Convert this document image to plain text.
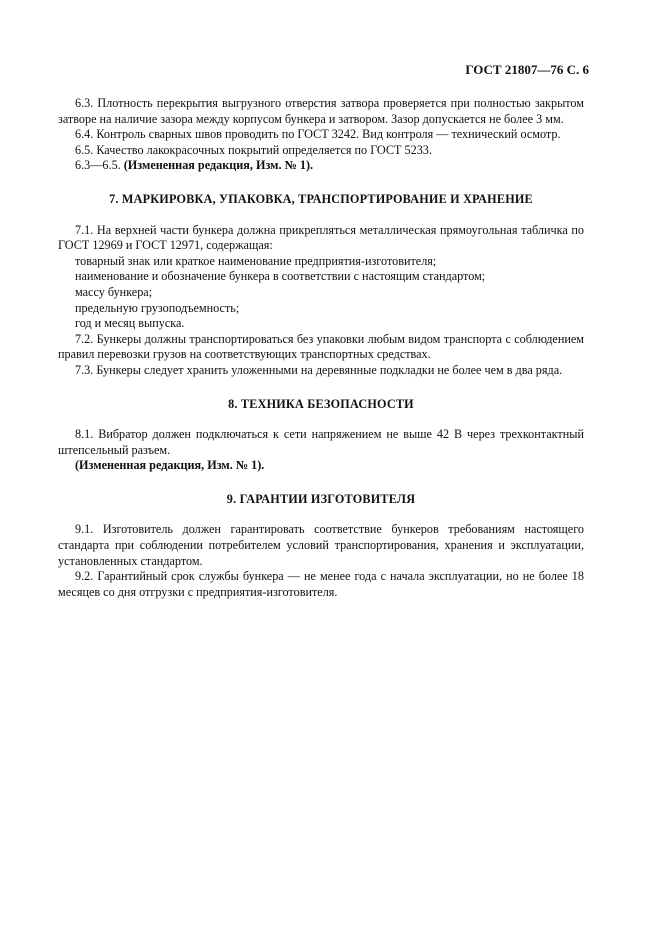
ГОСТ 21807—76 С. 6

6.3. Плотность перекрытия выгрузного отверстия затвора проверяется при полностью закрытом затворе на наличие зазора между корпусом бункера и затвором. Зазор допускается не более 3 мм.

6.4. Контроль сварных швов проводить по ГОСТ 3242. Вид контроля — технический осмотр.

6.5. Качество лакокрасочных покрытий определяется по ГОСТ 5233.

6.3—6.5. (Измененная редакция, Изм. № 1).

7. МАРКИРОВКА, УПАКОВКА, ТРАНСПОРТИРОВАНИЕ И ХРАНЕНИЕ

7.1. На верхней части бункера должна прикрепляться металлическая прямоугольная табличка по ГОСТ 12969 и ГОСТ 12971, содержащая:

товарный знак или краткое наименование предприятия-изготовителя;

наименование и обозначение бункера в соответствии с настоящим стандартом;

массу бункера;

предельную грузоподъемность;

год и месяц выпуска.

7.2. Бункеры должны транспортироваться без упаковки любым видом транспорта с соблюдением правил перевозки грузов на соответствующих транспортных средствах.

7.3. Бункеры следует хранить уложенными на деревянные подкладки не более чем в два ряда.

8. ТЕХНИКА БЕЗОПАСНОСТИ

8.1. Вибратор должен подключаться к сети напряжением не выше 42 В через трехконтактный штепсельный разъем.

(Измененная редакция, Изм. № 1).

9. ГАРАНТИИ ИЗГОТОВИТЕЛЯ

9.1. Изготовитель должен гарантировать соответствие бункеров требованиям настоящего стандарта при соблюдении потребителем условий транспортирования, хранения и эксплуатации, установленных стандартом.

9.2. Гарантийный срок службы бункера — не менее года с начала эксплуатации, но не более 18 месяцев со дня отгрузки с предприятия-изготовителя.
